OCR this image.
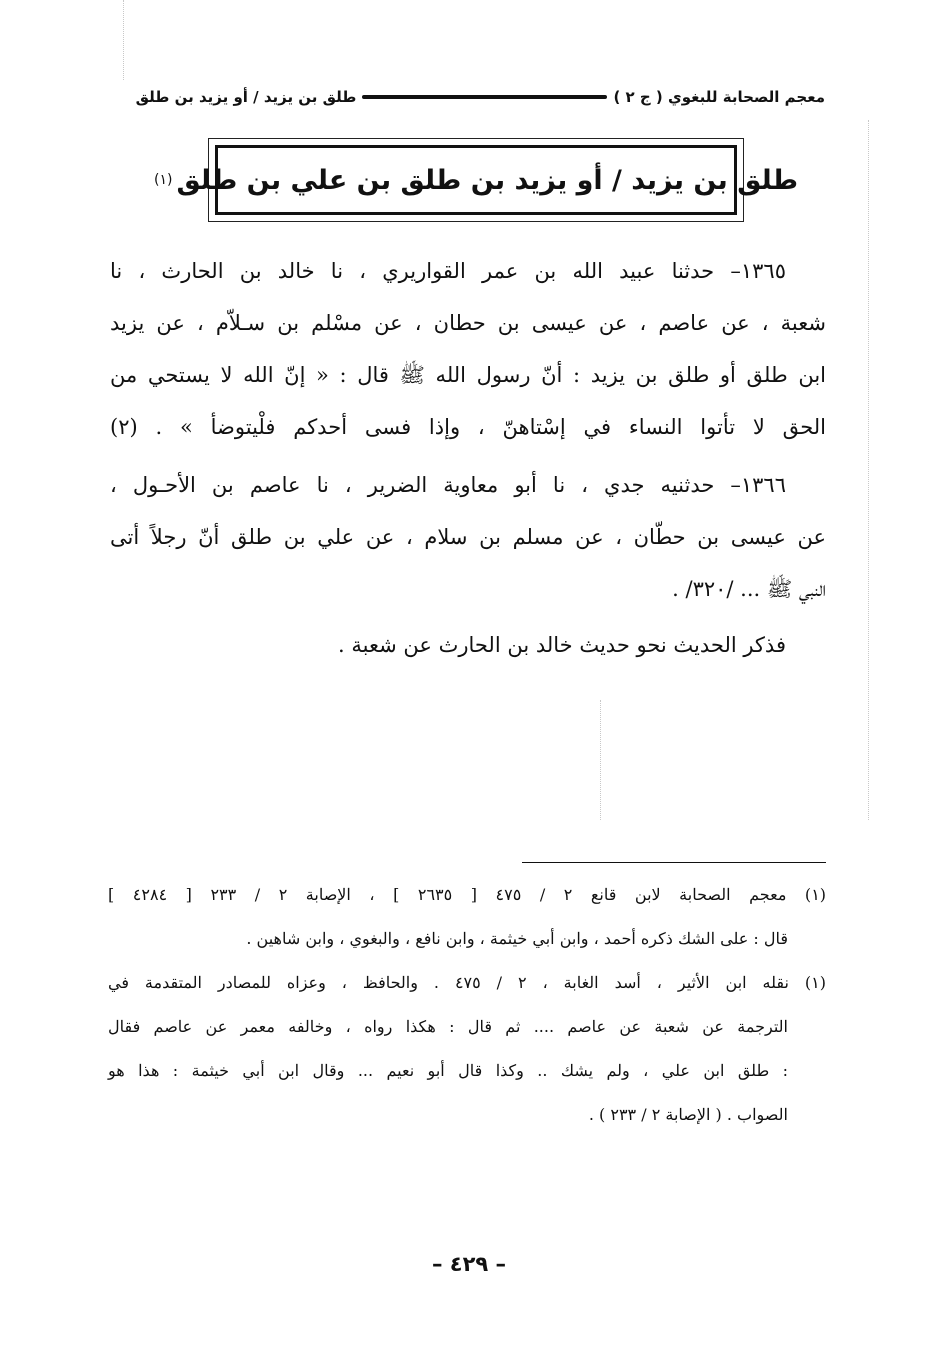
معجم الصحابة للبغوي ( ج ٢ )
طلق بن يزيد / أو يزيد بن طلق
طلق بن يزيد / أو يزيد بن طلق بن علي بن طلق
(١)
١٣٦٥– حدثنا عبيد الله بن عمر القواريري ، نا خالد بن الحارث ، نا
شعبة ، عن عاصم ، عن عيسى بن حطان ، عن مسْلم بن سـلاّم ، عن يزيد
ابن طلق أو طلق بن يزيد : أنّ رسول الله ﷺ قال : « إنّ الله لا يستحي من
الحق لا تأتوا النساء في إسْتاهنّ ، وإذا فسى أحدكم فلْيتوضأ » . (٢)
١٣٦٦– حدثنيه جدي ، نا أبو معاوية الضرير ، نا عاصم بن الأحـول ،
عن عيسى بن حطّان ، عن مسلم بن سلام ، عن علي بن طلق أنّ رجلاً أتى
النبي ﷺ ... /٣٢٠/ .
فذكر الحديث نحو حديث خالد بن الحارث عن شعبة .
(١) معجم الصحابة لابن قانع ٢ / ٤٧٥ [ ٢٦٣٥ ] ، الإصابة ٢ / ٢٣٣ [ ٤٢٨٤ ]
قال : على الشك ذكره أحمد ، وابن أبي خيثمة ، وابن نافع ، والبغوي ، وابن شاهين .
(١) نقله ابن الأثير ، أسد الغابة ، ٢ / ٤٧٥ . والحافظ ، وعزاه للمصادر المتقدمة في
الترجمة عن شعبة عن عاصم .... ثم قال : هكذا رواه ، وخالفه معمر عن عاصم فقال
: طلق ابن علي ، ولم يشك .. وكذا قال أبو نعيم ... وقال ابن أبي خيثمة : هذا هو
الصواب . ( الإصابة ٢ / ٢٣٣ ) .
– ٤٢٩ –
